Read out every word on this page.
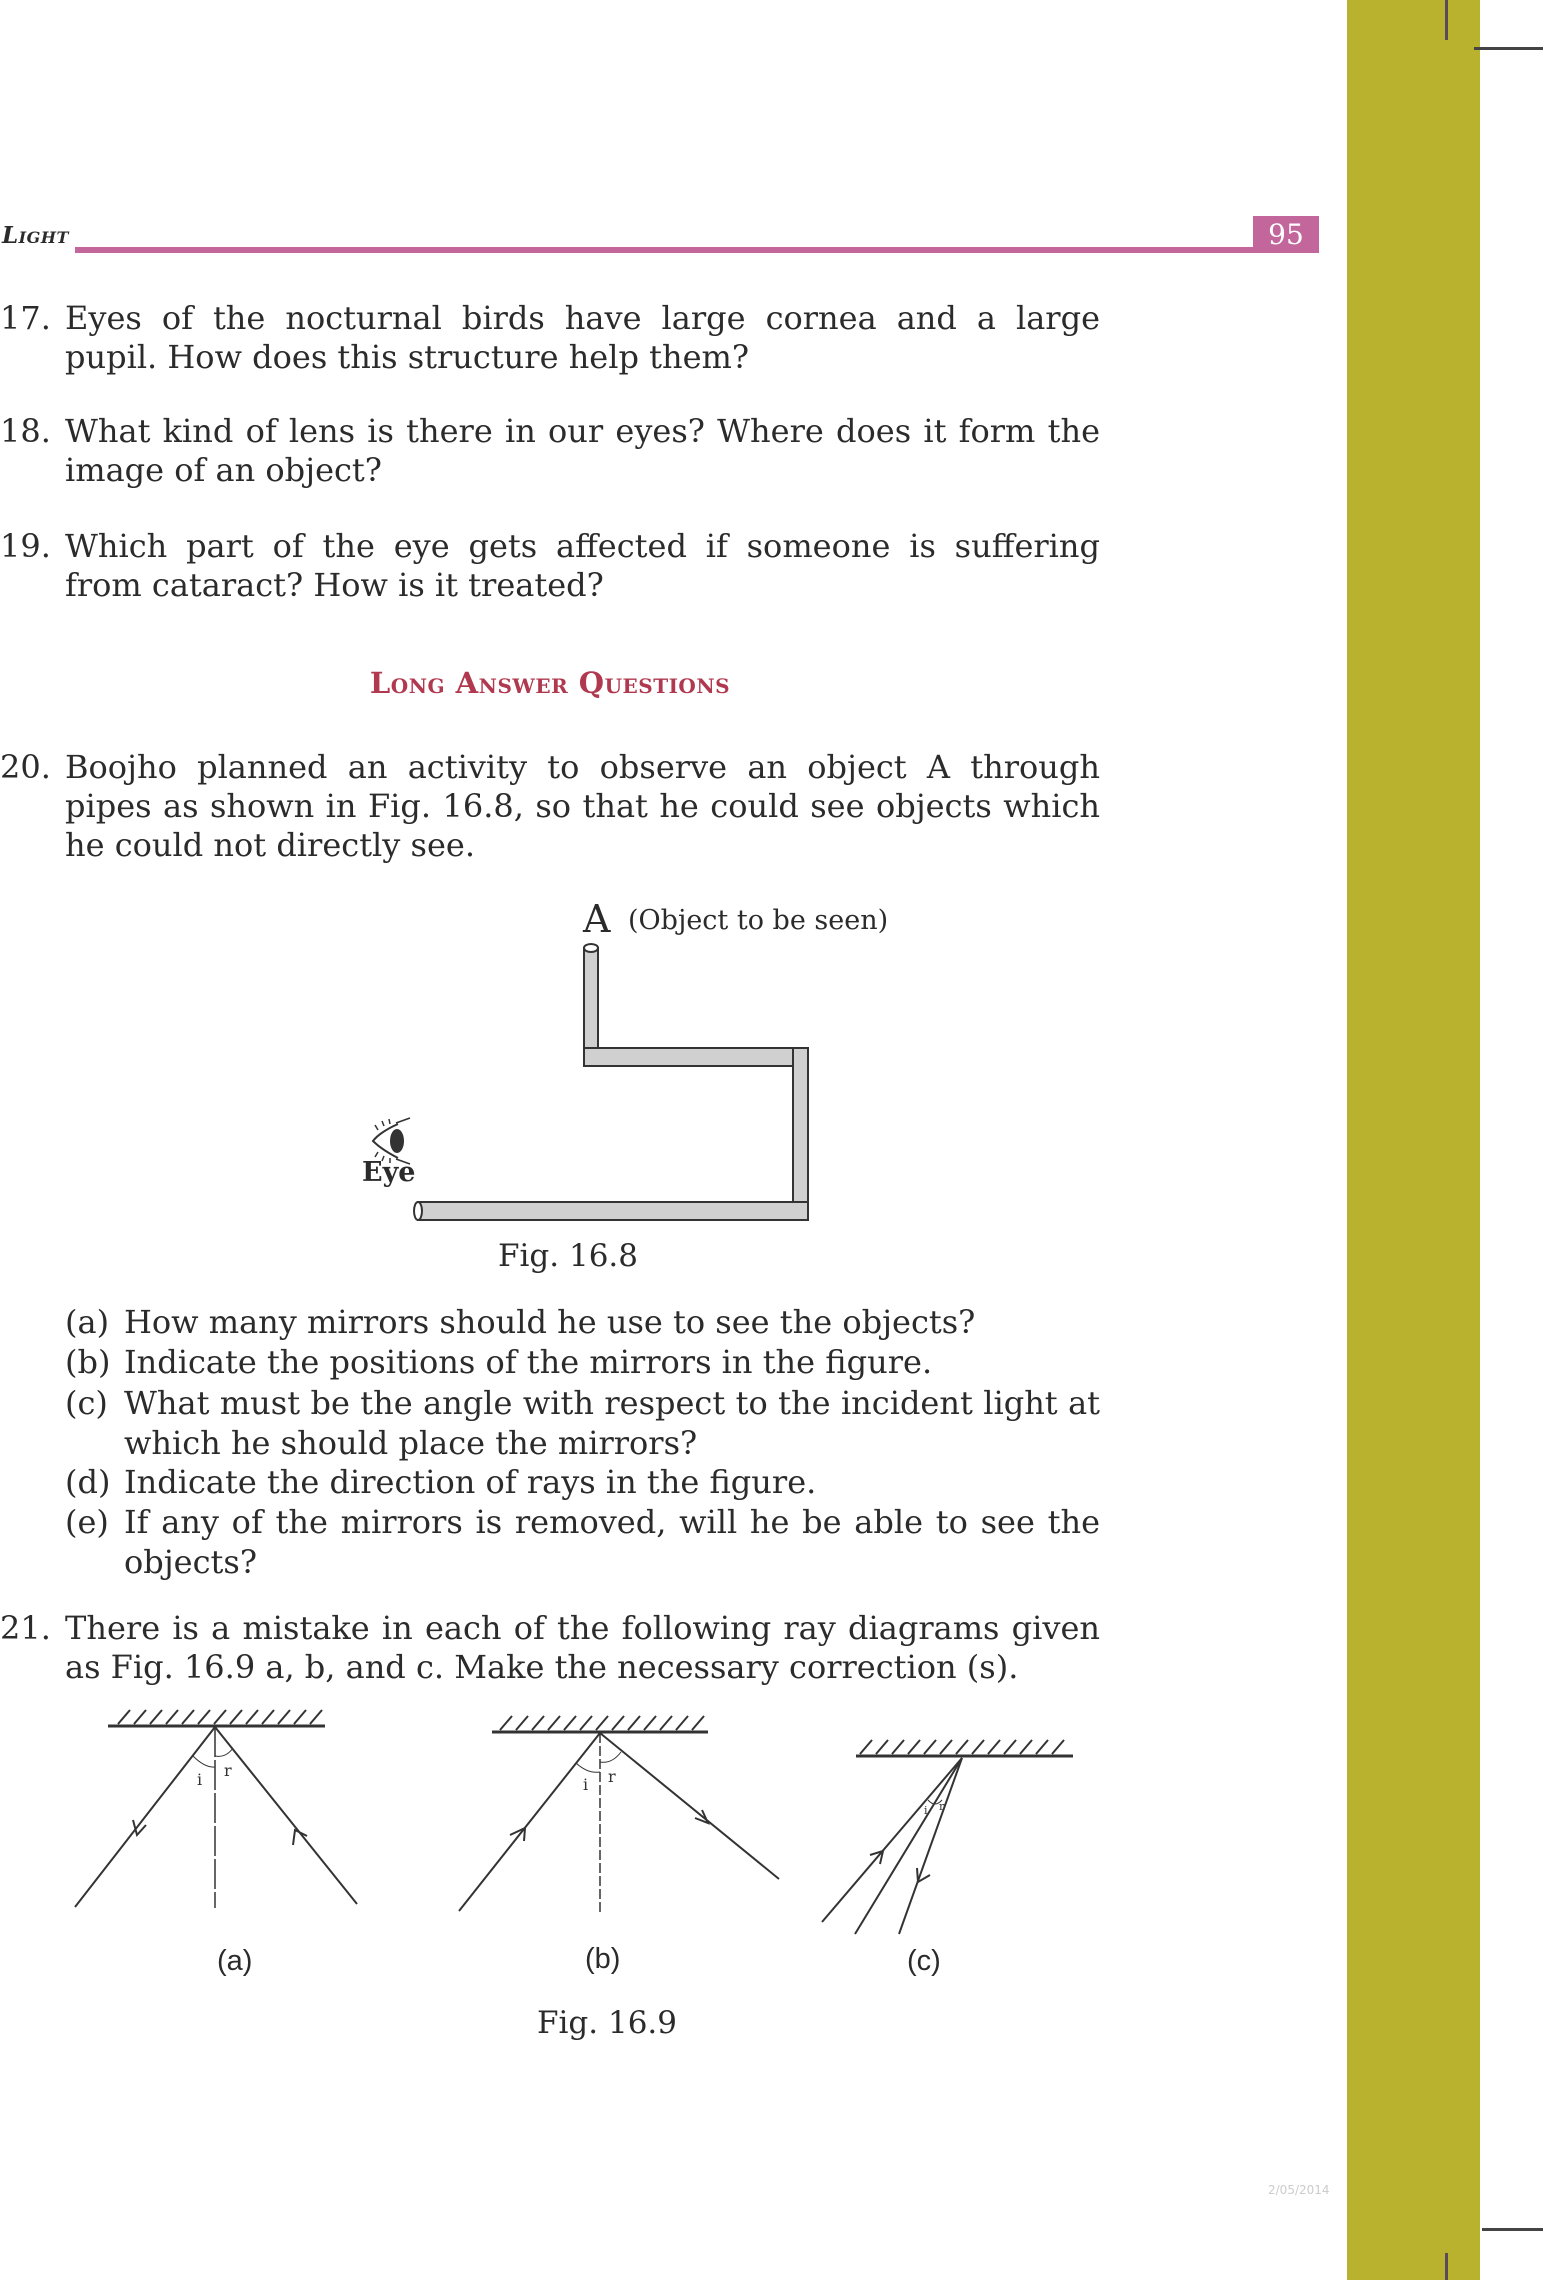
Light	95
17. Eyes of the nocturnal birds have large cornea and a large pupil. How does this structure help them?
18. What kind of lens is there in our eyes? Where does it form the image of an object?
19. Which part of the eye gets affected if someone is suffering from cataract? How is it treated?
Long Answer Questions
20. Boojho planned an activity to observe an object A through pipes as shown in Fig. 16.8, so that he could see objects which he could not directly see.
A (Object to be seen)
Eye
Fig. 16.8
(a) How many mirrors should he use to see the objects?
(b) Indicate the positions of the mirrors in the figure.
(c) What must be the angle with respect to the incident light at which he should place the mirrors?
(d) Indicate the direction of rays in the figure.
(e) If any of the mirrors is removed, will he be able to see the objects?
21. There is a mistake in each of the following ray diagrams given as Fig. 16.9 a, b, and c. Make the necessary correction (s).
i r
(a)
i r
(b)
i r
(c)
Fig. 16.9
2/05/2014
